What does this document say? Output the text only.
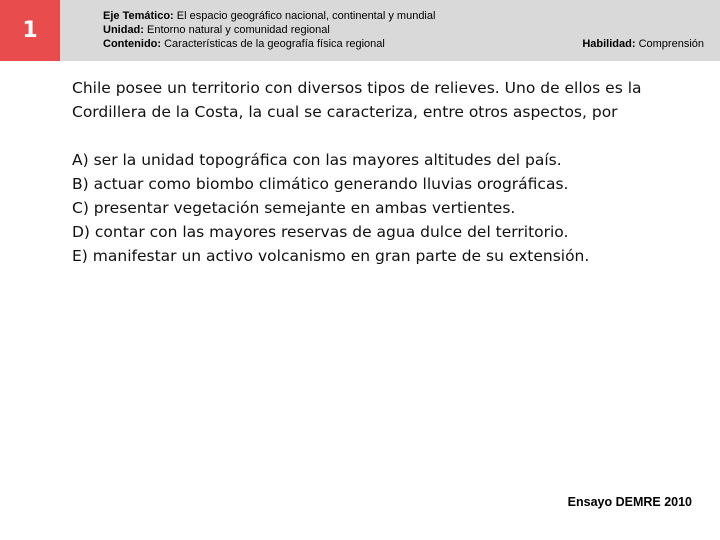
1
Eje Temático: El espacio geográfico nacional, continental y mundial
Unidad: Entorno natural y comunidad regional
Contenido: Características de la geografía física regional	Habilidad: Comprensión
Chile posee un territorio con diversos tipos de relieves. Uno de ellos es la
Cordillera de la Costa, la cual se caracteriza, entre otros aspectos, por
A) ser la unidad topográfica con las mayores altitudes del país.
B) actuar como biombo climático generando lluvias orográficas.
C) presentar vegetación semejante en ambas vertientes.
D) contar con las mayores reservas de agua dulce del territorio.
E) manifestar un activo volcanismo en gran parte de su extensión.
Ensayo DEMRE 2010
